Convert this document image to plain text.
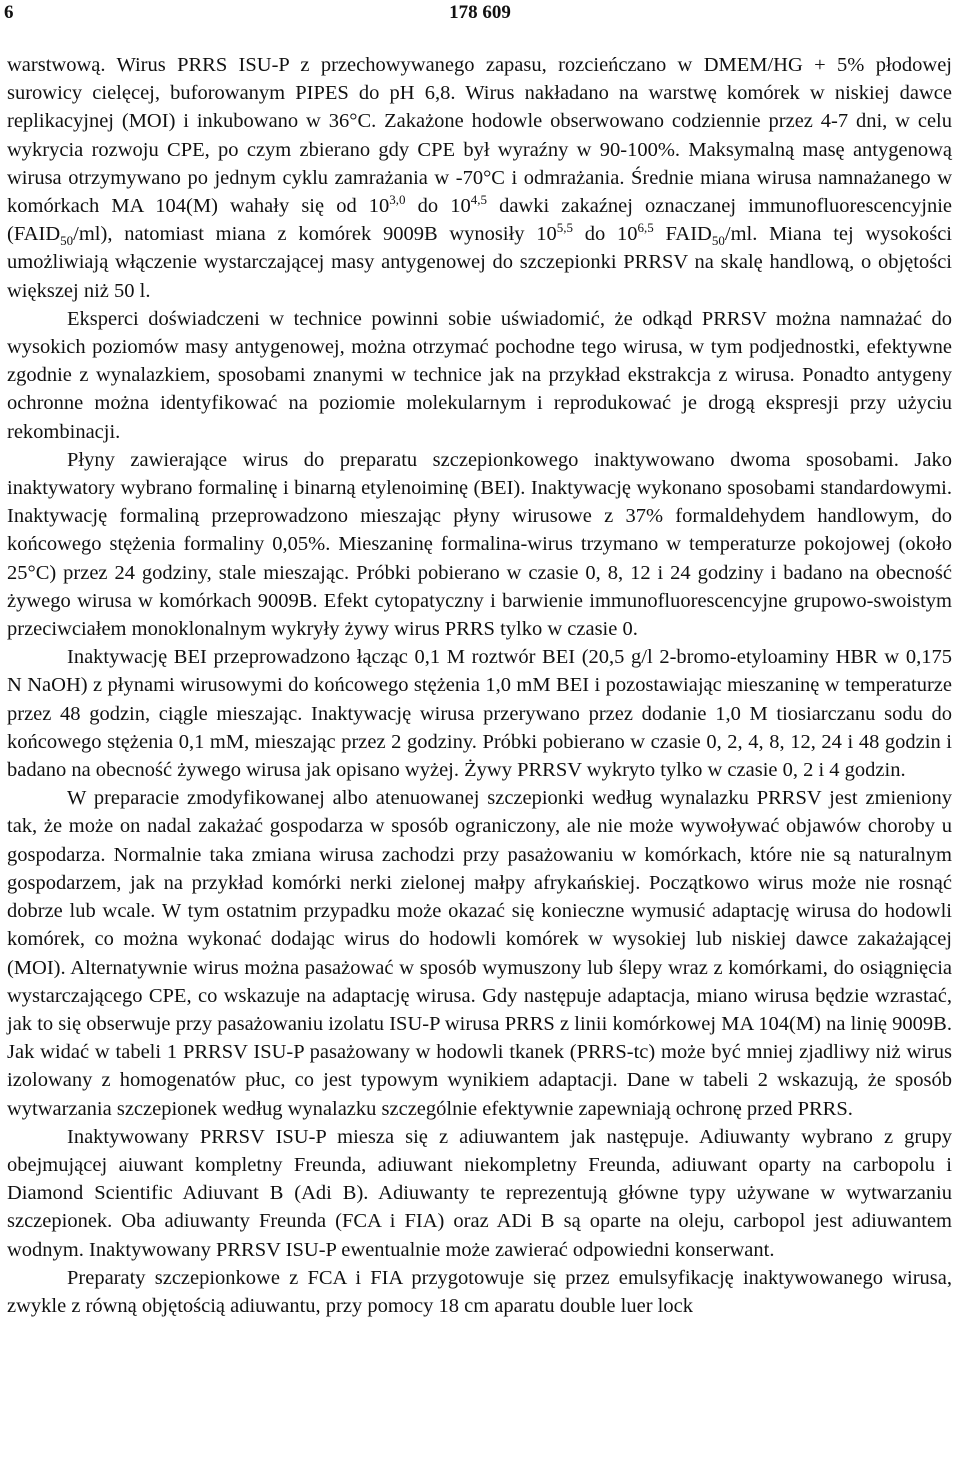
6	178 609

warstwową. Wirus PRRS ISU-P z przechowywanego zapasu, rozcieńczano w DMEM/HG + 5% płodowej surowicy cielęcej, buforowanym PIPES do pH 6,8. Wirus nakładano na warstwę komórek w niskiej dawce replikacyjnej (MOI) i inkubowano w 36°C. Zakażone hodowle obserwowano codziennie przez 4-7 dni, w celu wykrycia rozwoju CPE, po czym zbierano gdy CPE był wyraźny w 90-100%. Maksymalną masę antygenową wirusa otrzymywano po jednym cyklu zamrażania w -70°C i odmrażania. Średnie miana wirusa namnażanego w komórkach MA 104(M) wahały się od 10$^{3,0}$ do 10$^{4,5}$ dawki zakaźnej oznaczanej immunofluorescencyjnie $(FAID_{50}/ml)$, natomiast miana z komórek 9009B wynosiły 10$^{5,5}$ do 10$^{6,5}$ $FAID_{50}/ml$. Miana tej wysokości umożliwiają włączenie wystarczającej masy antygenowej do szczepionki PRRSV na skalę handlową, o objętości większej niż 50 l.

Eksperci doświadczeni w technice powinni sobie uświadomić, że odkąd PRRSV można namnażać do wysokich poziomów masy antygenowej, można otrzymać pochodne tego wirusa, w tym podjednostki, efektywne zgodnie z wynalazkiem, sposobami znanymi w technice jak na przykład ekstrakcja z wirusa. Ponadto antygeny ochronne można identyfikować na poziomie molekularnym i reprodukować je drogą ekspresji przy użyciu rekombinacji.

Płyny zawierające wirus do preparatu szczepionkowego inaktywowano dwoma sposobami. Jako inaktywatory wybrano formalinę i binarną etylenoiminę (BEI). Inaktywację wykonano sposobami standardowymi. Inaktywację formaliną przeprowadzono mieszając płyny wirusowe z 37% formaldehydem handlowym, do końcowego stężenia formaliny 0,05%. Mieszaninę formalina-wirus trzymano w temperaturze pokojowej (około 25°C) przez 24 godziny, stale mieszając. Próbki pobierano w czasie 0, 8, 12 i 24 godziny i badano na obecność żywego wirusa w komórkach 9009B. Efekt cytopatyczny i barwienie immunofluorescencyjne grupowo-swoistym przeciwciałem monoklonalnym wykryły żywy wirus PRRS tylko w czasie 0.

Inaktywację BEI przeprowadzono łącząc 0,1 M roztwór BEI (20,5 g/l 2-bromo-etyloaminy HBR w 0,175 N NaOH) z płynami wirusowymi do końcowego stężenia 1,0 mM BEI i pozostawiając mieszaninę w temperaturze przez 48 godzin, ciągle mieszając. Inaktywację wirusa przerywano przez dodanie 1,0 M tiosiarczanu sodu do końcowego stężenia 0,1 mM, mieszając przez 2 godziny. Próbki pobierano w czasie 0, 2, 4, 8, 12, 24 i 48 godzin i badano na obecność żywego wirusa jak opisano wyżej. Żywy PRRSV wykryto tylko w czasie 0, 2 i 4 godzin.

W preparacie zmodyfikowanej albo atenuowanej szczepionki według wynalazku PRRSV jest zmieniony tak, że może on nadal zakażać gospodarza w sposób ograniczony, ale nie może wywoływać objawów choroby u gospodarza. Normalnie taka zmiana wirusa zachodzi przy pasażowaniu w komórkach, które nie są naturalnym gospodarzem, jak na przykład komórki nerki zielonej małpy afrykańskiej. Początkowo wirus może nie rosnąć dobrze lub wcale. W tym ostatnim przypadku może okazać się konieczne wymusić adaptację wirusa do hodowli komórek, co można wykonać dodając wirus do hodowli komórek w wysokiej lub niskiej dawce zakażającej (MOI). Alternatywnie wirus można pasażować w sposób wymuszony lub ślepy wraz z komórkami, do osiągnięcia wystarczającego CPE, co wskazuje na adaptację wirusa. Gdy następuje adaptacja, miano wirusa będzie wzrastać, jak to się obserwuje przy pasażowaniu izolatu ISU-P wirusa PRRS z linii komórkowej MA 104(M) na linię 9009B. Jak widać w tabeli 1 PRRSV ISU-P pasażowany w hodowli tkanek (PRRS-tc) może być mniej zjadliwy niż wirus izolowany z homogenatów płuc, co jest typowym wynikiem adaptacji. Dane w tabeli 2 wskazują, że sposób wytwarzania szczepionek według wynalazku szczególnie efektywnie zapewniają ochronę przed PRRS.

Inaktywowany PRRSV ISU-P miesza się z adiuwantem jak następuje. Adiuwanty wybrano z grupy obejmującej aiuwant kompletny Freunda, adiuwant niekompletny Freunda, adiuwant oparty na carbopolu i Diamond Scientific Adiuvant B (Adi B). Adiuwanty te reprezentują główne typy używane w wytwarzaniu szczepionek. Oba adiuwanty Freunda (FCA i FIA) oraz ADi B są oparte na oleju, carbopol jest adiuwantem wodnym. Inaktywowany PRRSV ISU-P ewentualnie może zawierać odpowiedni konserwant.

Preparaty szczepionkowe z FCA i FIA przygotowuje się przez emulsyfikację inaktywowanego wirusa, zwykle z równą objętością adiuwantu, przy pomocy 18 cm aparatu double luer lock
